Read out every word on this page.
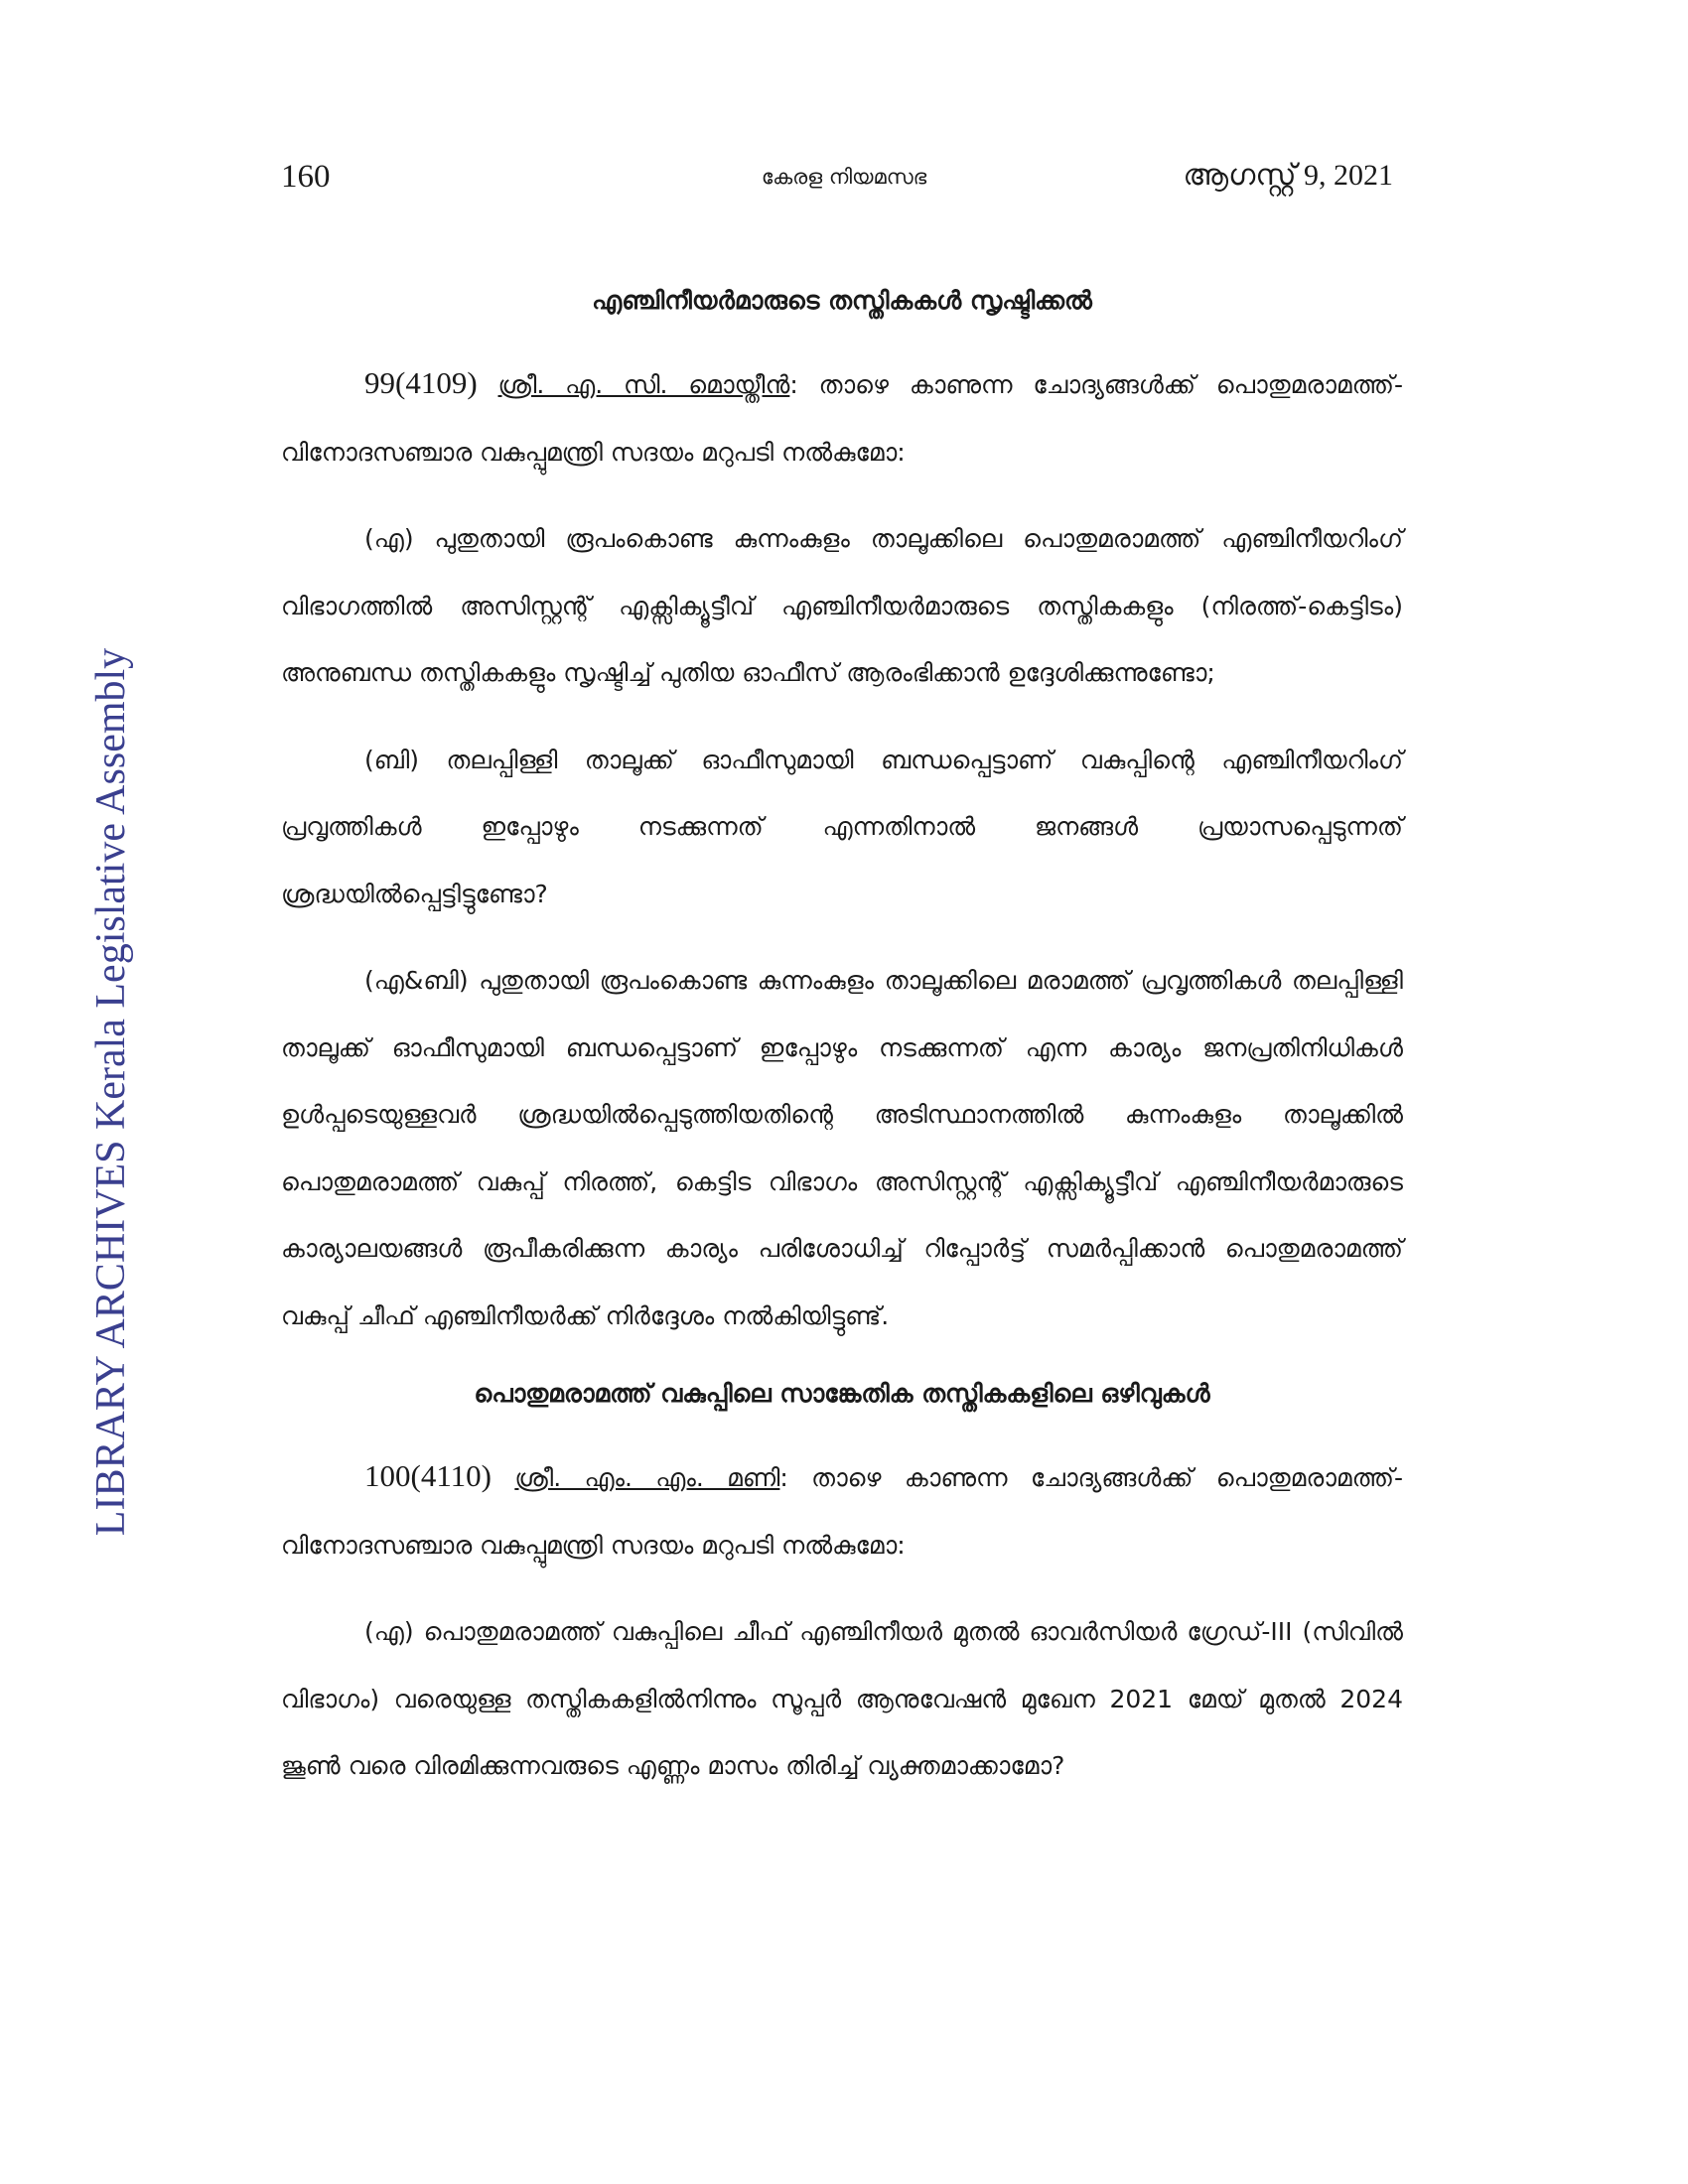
160	കേരള നിയമസഭ	ആഗസ്റ്റ് 9, 2021
LIBRARY ARCHIVES Kerala Legislative Assembly
എഞ്ചിനീയർമാരുടെ തസ്തികകൾ സൃഷ്ടിക്കൽ

99(4109) ശ്രീ. എ. സി. മൊയ്തീൻ: താഴെ കാണുന്ന ചോദ്യങ്ങൾക്ക് പൊതുമരാമത്ത്-വിനോദസഞ്ചാര വകുപ്പുമന്ത്രി സദയം മറുപടി നൽകുമോ:

(എ) പുതുതായി രൂപംകൊണ്ട കുന്നംകുളം താലൂക്കിലെ പൊതുമരാമത്ത് എഞ്ചിനീയറിംഗ് വിഭാഗത്തിൽ അസിസ്റ്റന്റ് എക്സിക്യൂട്ടീവ് എഞ്ചിനീയർമാരുടെ തസ്തികകളും (നിരത്ത്-കെട്ടിടം) അനുബന്ധ തസ്തികകളും സൃഷ്ടിച്ച് പുതിയ ഓഫീസ് ആരംഭിക്കാൻ ഉദ്ദേശിക്കുന്നുണ്ടോ;

(ബി) തലപ്പിള്ളി താലൂക്ക് ഓഫീസുമായി ബന്ധപ്പെട്ടാണ് വകുപ്പിന്റെ എഞ്ചിനീയറിംഗ് പ്രവൃത്തികൾ ഇപ്പോഴും നടക്കുന്നത് എന്നതിനാൽ ജനങ്ങൾ പ്രയാസപ്പെടുന്നത് ശ്രദ്ധയിൽപ്പെട്ടിട്ടുണ്ടോ?

(എ&ബി) പുതുതായി രൂപംകൊണ്ട കുന്നംകുളം താലൂക്കിലെ മരാമത്ത് പ്രവൃത്തികൾ തലപ്പിള്ളി താലൂക്ക് ഓഫീസുമായി ബന്ധപ്പെട്ടാണ് ഇപ്പോഴും നടക്കുന്നത് എന്ന കാര്യം ജനപ്രതിനിധികൾ ഉൾപ്പടെയുള്ളവർ ശ്രദ്ധയിൽപ്പെടുത്തിയതിന്റെ അടിസ്ഥാനത്തിൽ കുന്നംകുളം താലൂക്കിൽ പൊതുമരാമത്ത് വകുപ്പ് നിരത്ത്, കെട്ടിട വിഭാഗം അസിസ്റ്റന്റ് എക്സിക്യൂട്ടീവ് എഞ്ചിനീയർമാരുടെ കാര്യാലയങ്ങൾ രൂപീകരിക്കുന്ന കാര്യം പരിശോധിച്ച് റിപ്പോർട്ട് സമർപ്പിക്കാൻ പൊതുമരാമത്ത് വകുപ്പ് ചീഫ് എഞ്ചിനീയർക്ക് നിർദ്ദേശം നൽകിയിട്ടുണ്ട്.

പൊതുമരാമത്ത് വകുപ്പിലെ സാങ്കേതിക തസ്തികകളിലെ ഒഴിവുകൾ

100(4110) ശ്രീ. എം. എം. മണി: താഴെ കാണുന്ന ചോദ്യങ്ങൾക്ക് പൊതുമരാമത്ത്-വിനോദസഞ്ചാര വകുപ്പുമന്ത്രി സദയം മറുപടി നൽകുമോ:

(എ) പൊതുമരാമത്ത് വകുപ്പിലെ ചീഫ് എഞ്ചിനീയർ മുതൽ ഓവർസിയർ ഗ്രേഡ്-III (സിവിൽ വിഭാഗം) വരെയുള്ള തസ്തികകളിൽനിന്നും സൂപ്പർ ആനുവേഷൻ മുഖേന 2021 മേയ് മുതൽ 2024 ജൂൺ വരെ വിരമിക്കുന്നവരുടെ എണ്ണം മാസം തിരിച്ച് വ്യക്തമാക്കാമോ?
